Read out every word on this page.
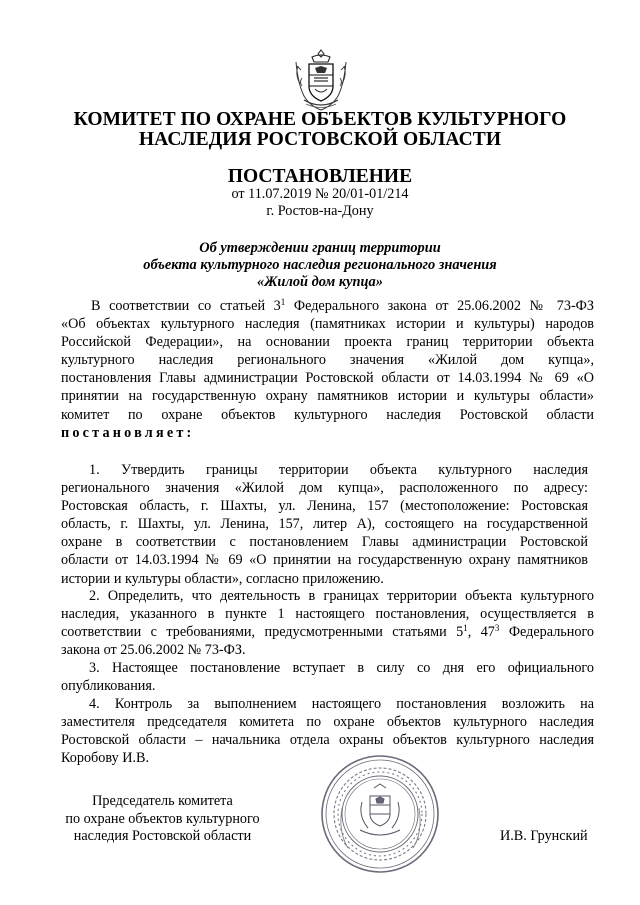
КОМИТЕТ ПО ОХРАНЕ ОБЪЕКТОВ КУЛЬТУРНОГО
НАСЛЕДИЯ РОСТОВСКОЙ ОБЛАСТИ
ПОСТАНОВЛЕНИЕ
от 11.07.2019 № 20/01-01/214
г. Ростов-на-Дону
Об утверждении границ территории
объекта культурного наследия регионального значения
«Жилой дом купца»
В соответствии со статьей $3^1$ Федерального закона от 25.06.2002 № 73-ФЗ
«Об объектах культурного наследия (памятниках истории и культуры) народов
Российской Федерации», на основании проекта границ территории объекта
культурного наследия регионального значения «Жилой дом купца»,
постановления Главы администрации Ростовской области от 14.03.1994 № 69 «О
принятии на государственную охрану памятников истории и культуры области»
комитет по охране объектов культурного наследия Ростовской области
постановляет:
1. Утвердить границы территории объекта культурного наследия
регионального значения «Жилой дом купца», расположенного по адресу:
Ростовская область, г. Шахты, ул. Ленина, 157 (местоположение: Ростовская
область, г. Шахты, ул. Ленина, 157, литер А), состоящего на государственной
охране в соответствии с постановлением Главы администрации Ростовской
области от 14.03.1994 № 69 «О принятии на государственную охрану памятников
истории и культуры области», согласно приложению.
2. Определить, что деятельность в границах территории объекта культурного
наследия, указанного в пункте 1 настоящего постановления, осуществляется в
соответствии с требованиями, предусмотренными статьями $5^1$, $47^3$ Федерального
закона от 25.06.2002 № 73-ФЗ.
3. Настоящее постановление вступает в силу со дня его официального
опубликования.
4. Контроль за выполнением настоящего постановления возложить на
заместителя председателя комитета по охране объектов культурного наследия
Ростовской области – начальника отдела охраны объектов культурного наследия
Коробову И.В.
Председатель комитета
по охране объектов культурного
наследия Ростовской области	И.В. Грунский
